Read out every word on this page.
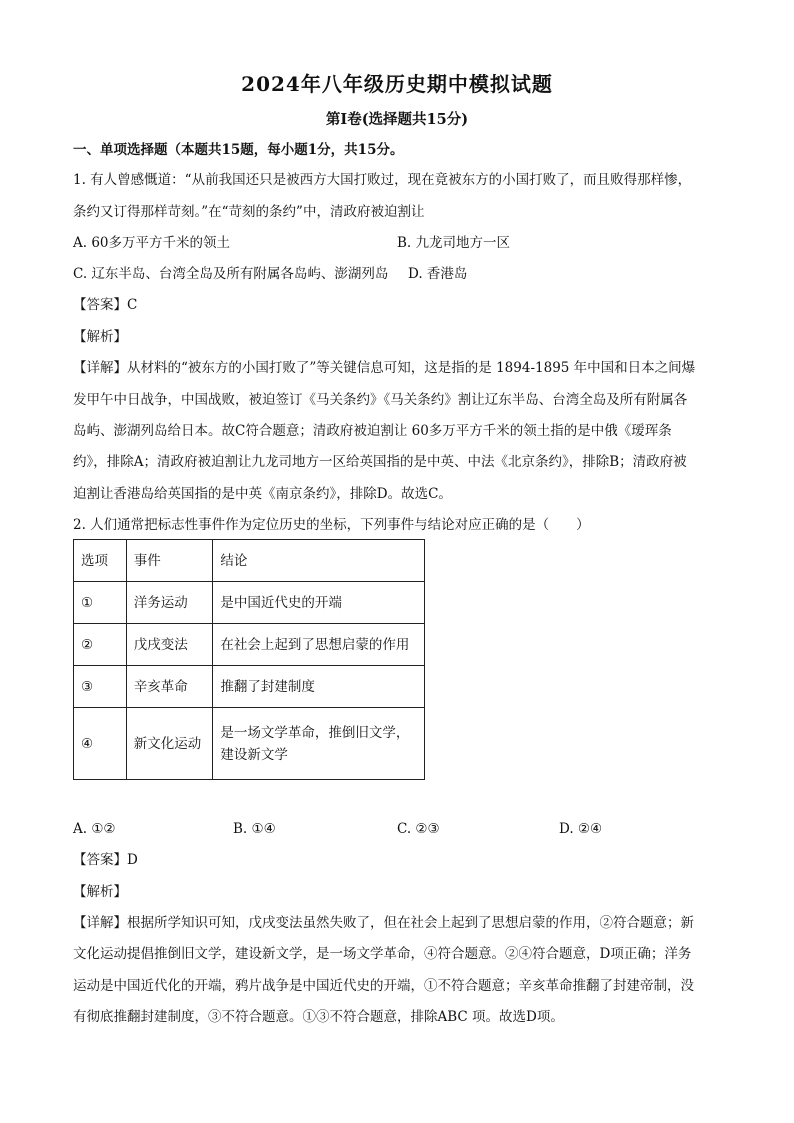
2024年八年级历史期中模拟试题
第Ⅰ卷(选择题共15分)
一、单项选择题（本题共15题，每小题1分，共15分。
1. 有人曾感慨道：“从前我国还只是被西方大国打败过，现在竟被东方的小国打败了，而且败得那样惨，
条约又订得那样苛刻。”在“苛刻的条约”中，清政府被迫割让
A. 60多万平方千米的领土	B. 九龙司地方一区
C. 辽东半岛、台湾全岛及所有附属各岛屿、澎湖列岛 D. 香港岛
【答案】C
【解析】
【详解】从材料的“被东方的小国打败了”等关键信息可知，这是指的是 1894-1895 年中国和日本之间爆
发甲午中日战争，中国战败，被迫签订《马关条约》《马关条约》割让辽东半岛、台湾全岛及所有附属各
岛屿、澎湖列岛给日本。故C符合题意；清政府被迫割让 60多万平方千米的领土指的是中俄《瑷珲条
约》，排除A；清政府被迫割让九龙司地方一区给英国指的是中英、中法《北京条约》，排除B；清政府被
迫割让香港岛给英国指的是中英《南京条约》，排除D。故选C。
2. 人们通常把标志性事件作为定位历史的坐标，下列事件与结论对应正确的是（　　）
选项	事件	结论
①	洋务运动	是中国近代史的开端
②	戊戌变法	在社会上起到了思想启蒙的作用
③	辛亥革命	推翻了封建制度
④	新文化运动	是一场文学革命，推倒旧文学，
建设新文学
A. ①②	B. ①④	C. ②③	D. ②④
【答案】D
【解析】
【详解】根据所学知识可知，戊戌变法虽然失败了，但在社会上起到了思想启蒙的作用，②符合题意；新
文化运动提倡推倒旧文学，建设新文学，是一场文学革命，④符合题意。②④符合题意，D项正确；洋务
运动是中国近代化的开端，鸦片战争是中国近代史的开端，①不符合题意；辛亥革命推翻了封建帝制，没
有彻底推翻封建制度，③不符合题意。①③不符合题意，排除ABC 项。故选D项。
